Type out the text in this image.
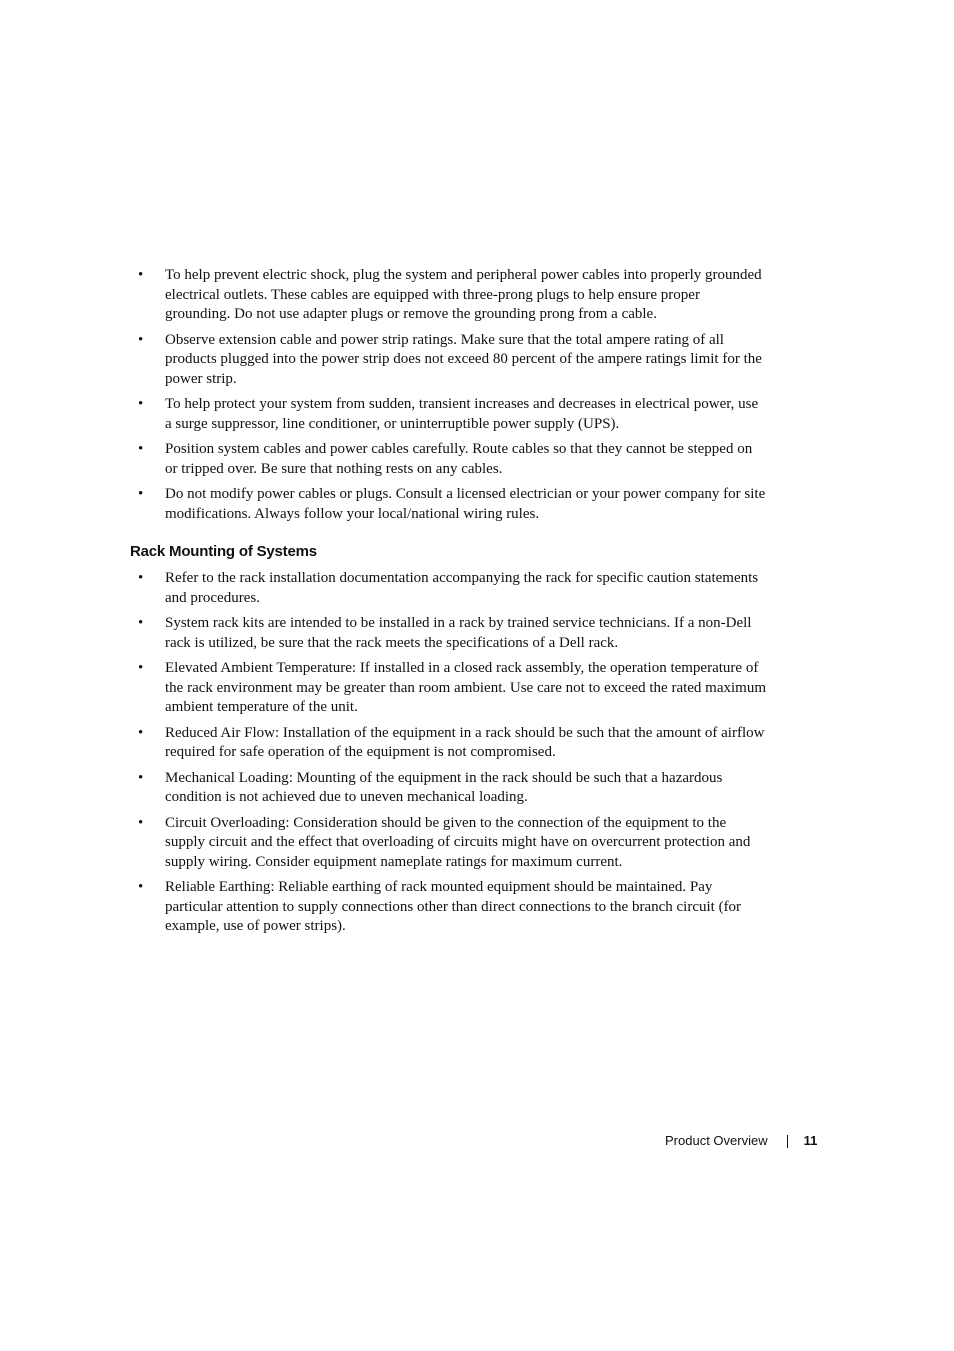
• To help prevent electric shock, plug the system and peripheral power cables into properly grounded electrical outlets. These cables are equipped with three-prong plugs to help ensure proper grounding. Do not use adapter plugs or remove the grounding prong from a cable.
• Observe extension cable and power strip ratings. Make sure that the total ampere rating of all products plugged into the power strip does not exceed 80 percent of the ampere ratings limit for the power strip.
• To help protect your system from sudden, transient increases and decreases in electrical power, use a surge suppressor, line conditioner, or uninterruptible power supply (UPS).
• Position system cables and power cables carefully. Route cables so that they cannot be stepped on or tripped over. Be sure that nothing rests on any cables.
• Do not modify power cables or plugs. Consult a licensed electrician or your power company for site modifications. Always follow your local/national wiring rules.
Rack Mounting of Systems
• Refer to the rack installation documentation accompanying the rack for specific caution statements and procedures.
• System rack kits are intended to be installed in a rack by trained service technicians. If a non-Dell rack is utilized, be sure that the rack meets the specifications of a Dell rack.
• Elevated Ambient Temperature: If installed in a closed rack assembly, the operation temperature of the rack environment may be greater than room ambient. Use care not to exceed the rated maximum ambient temperature of the unit.
• Reduced Air Flow: Installation of the equipment in a rack should be such that the amount of airflow required for safe operation of the equipment is not compromised.
• Mechanical Loading: Mounting of the equipment in the rack should be such that a hazardous condition is not achieved due to uneven mechanical loading.
• Circuit Overloading: Consideration should be given to the connection of the equipment to the supply circuit and the effect that overloading of circuits might have on overcurrent protection and supply wiring. Consider equipment nameplate ratings for maximum current.
• Reliable Earthing: Reliable earthing of rack mounted equipment should be maintained. Pay particular attention to supply connections other than direct connections to the branch circuit (for example, use of power strips).
Product Overview	11
